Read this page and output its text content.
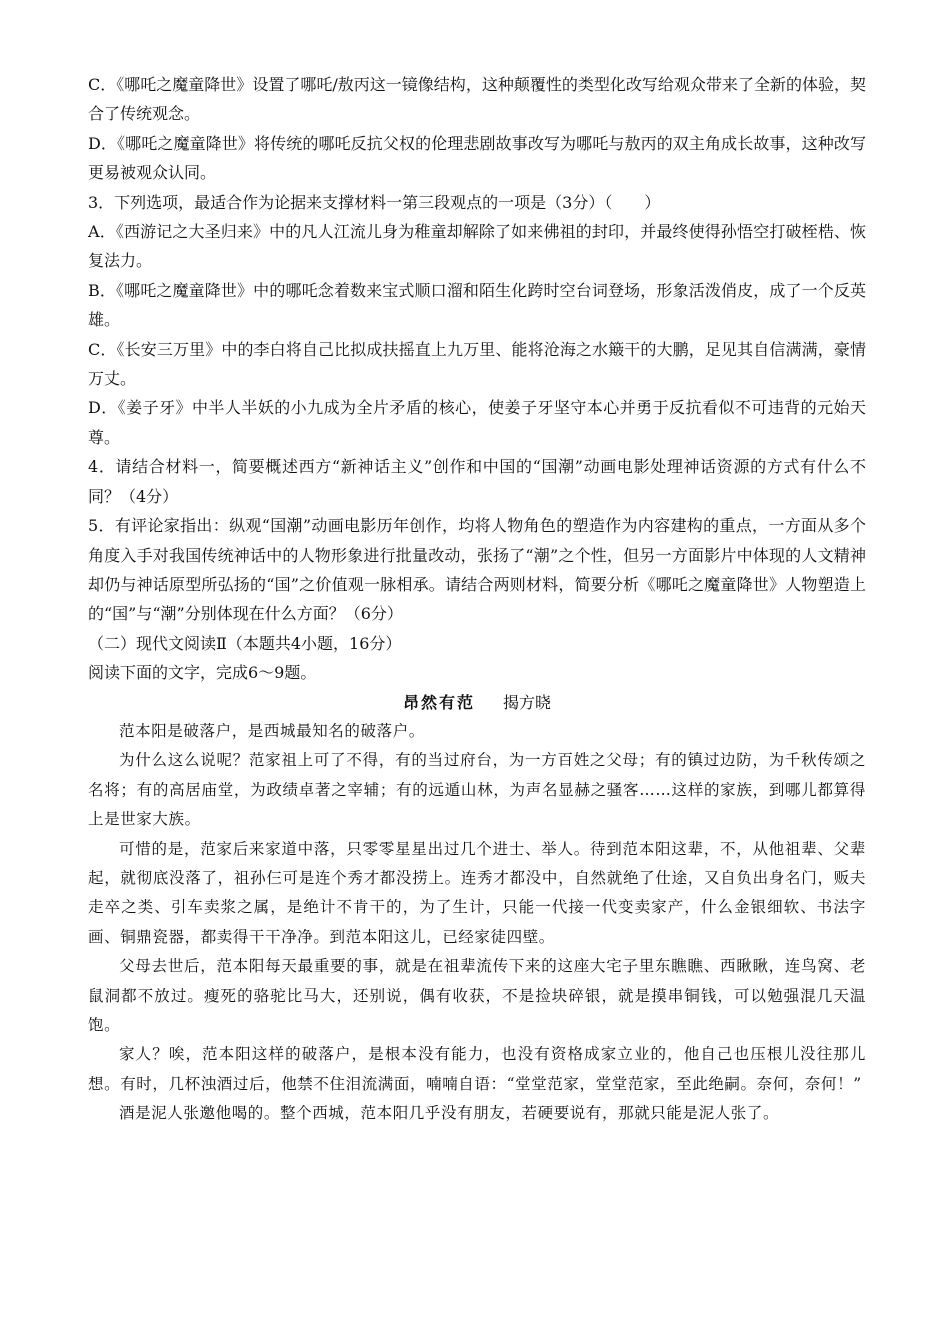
C．《哪吒之魔童降世》设置了哪吒/敖丙这一镜像结构，这种颠覆性的类型化改写给观众带来了全新的体验，契合了传统观念。

D．《哪吒之魔童降世》将传统的哪吒反抗父权的伦理悲剧故事改写为哪吒与敖丙的双主角成长故事，这种改写更易被观众认同。

3．下列选项，最适合作为论据来支撑材料一第三段观点的一项是（3分）（　　）

A．《西游记之大圣归来》中的凡人江流儿身为稚童却解除了如来佛祖的封印，并最终使得孙悟空打破桎梏、恢复法力。

B．《哪吒之魔童降世》中的哪吒念着数来宝式顺口溜和陌生化跨时空台词登场，形象活泼俏皮，成了一个反英雄。

C．《长安三万里》中的李白将自己比拟成扶摇直上九万里、能将沧海之水簸干的大鹏，足见其自信满满，豪情万丈。

D．《姜子牙》中半人半妖的小九成为全片矛盾的核心，使姜子牙坚守本心并勇于反抗看似不可违背的元始天尊。

4．请结合材料一，简要概述西方“新神话主义”创作和中国的“国潮”动画电影处理神话资源的方式有什么不同？（4分）

5．有评论家指出：纵观“国潮”动画电影历年创作，均将人物角色的塑造作为内容建构的重点，一方面从多个角度入手对我国传统神话中的人物形象进行批量改动，张扬了“潮”之个性，但另一方面影片中体现的人文精神却仍与神话原型所弘扬的“国”之价值观一脉相承。请结合两则材料，简要分析《哪吒之魔童降世》人物塑造上的“国”与“潮”分别体现在什么方面？（6分）

（二）现代文阅读Ⅱ（本题共4小题，16分）

阅读下面的文字，完成6～9题。

昂然有范 揭方晓

范本阳是破落户，是西城最知名的破落户。

为什么这么说呢？范家祖上可了不得，有的当过府台，为一方百姓之父母；有的镇过边防，为千秋传颂之名将；有的高居庙堂，为政绩卓著之宰辅；有的远遁山林，为声名显赫之骚客……这样的家族，到哪儿都算得上是世家大族。

可惜的是，范家后来家道中落，只零零星星出过几个进士、举人。待到范本阳这辈，不，从他祖辈、父辈起，就彻底没落了，祖孙仨可是连个秀才都没捞上。连秀才都没中，自然就绝了仕途，又自负出身名门，贩夫走卒之类、引车卖浆之属，是绝计不肯干的，为了生计，只能一代接一代变卖家产，什么金银细软、书法字画、铜鼎瓷器，都卖得干干净净。到范本阳这儿，已经家徒四壁。

父母去世后，范本阳每天最重要的事，就是在祖辈流传下来的这座大宅子里东瞧瞧、西瞅瞅，连鸟窝、老鼠洞都不放过。瘦死的骆驼比马大，还别说，偶有收获，不是捡块碎银，就是摸串铜钱，可以勉强混几天温饱。

家人？唉，范本阳这样的破落户，是根本没有能力，也没有资格成家立业的，他自己也压根儿没往那儿想。有时，几杯浊酒过后，他禁不住泪流满面，喃喃自语：“堂堂范家，堂堂范家，至此绝嗣。奈何，奈何！”

酒是泥人张邀他喝的。整个西城，范本阳几乎没有朋友，若硬要说有，那就只能是泥人张了。
